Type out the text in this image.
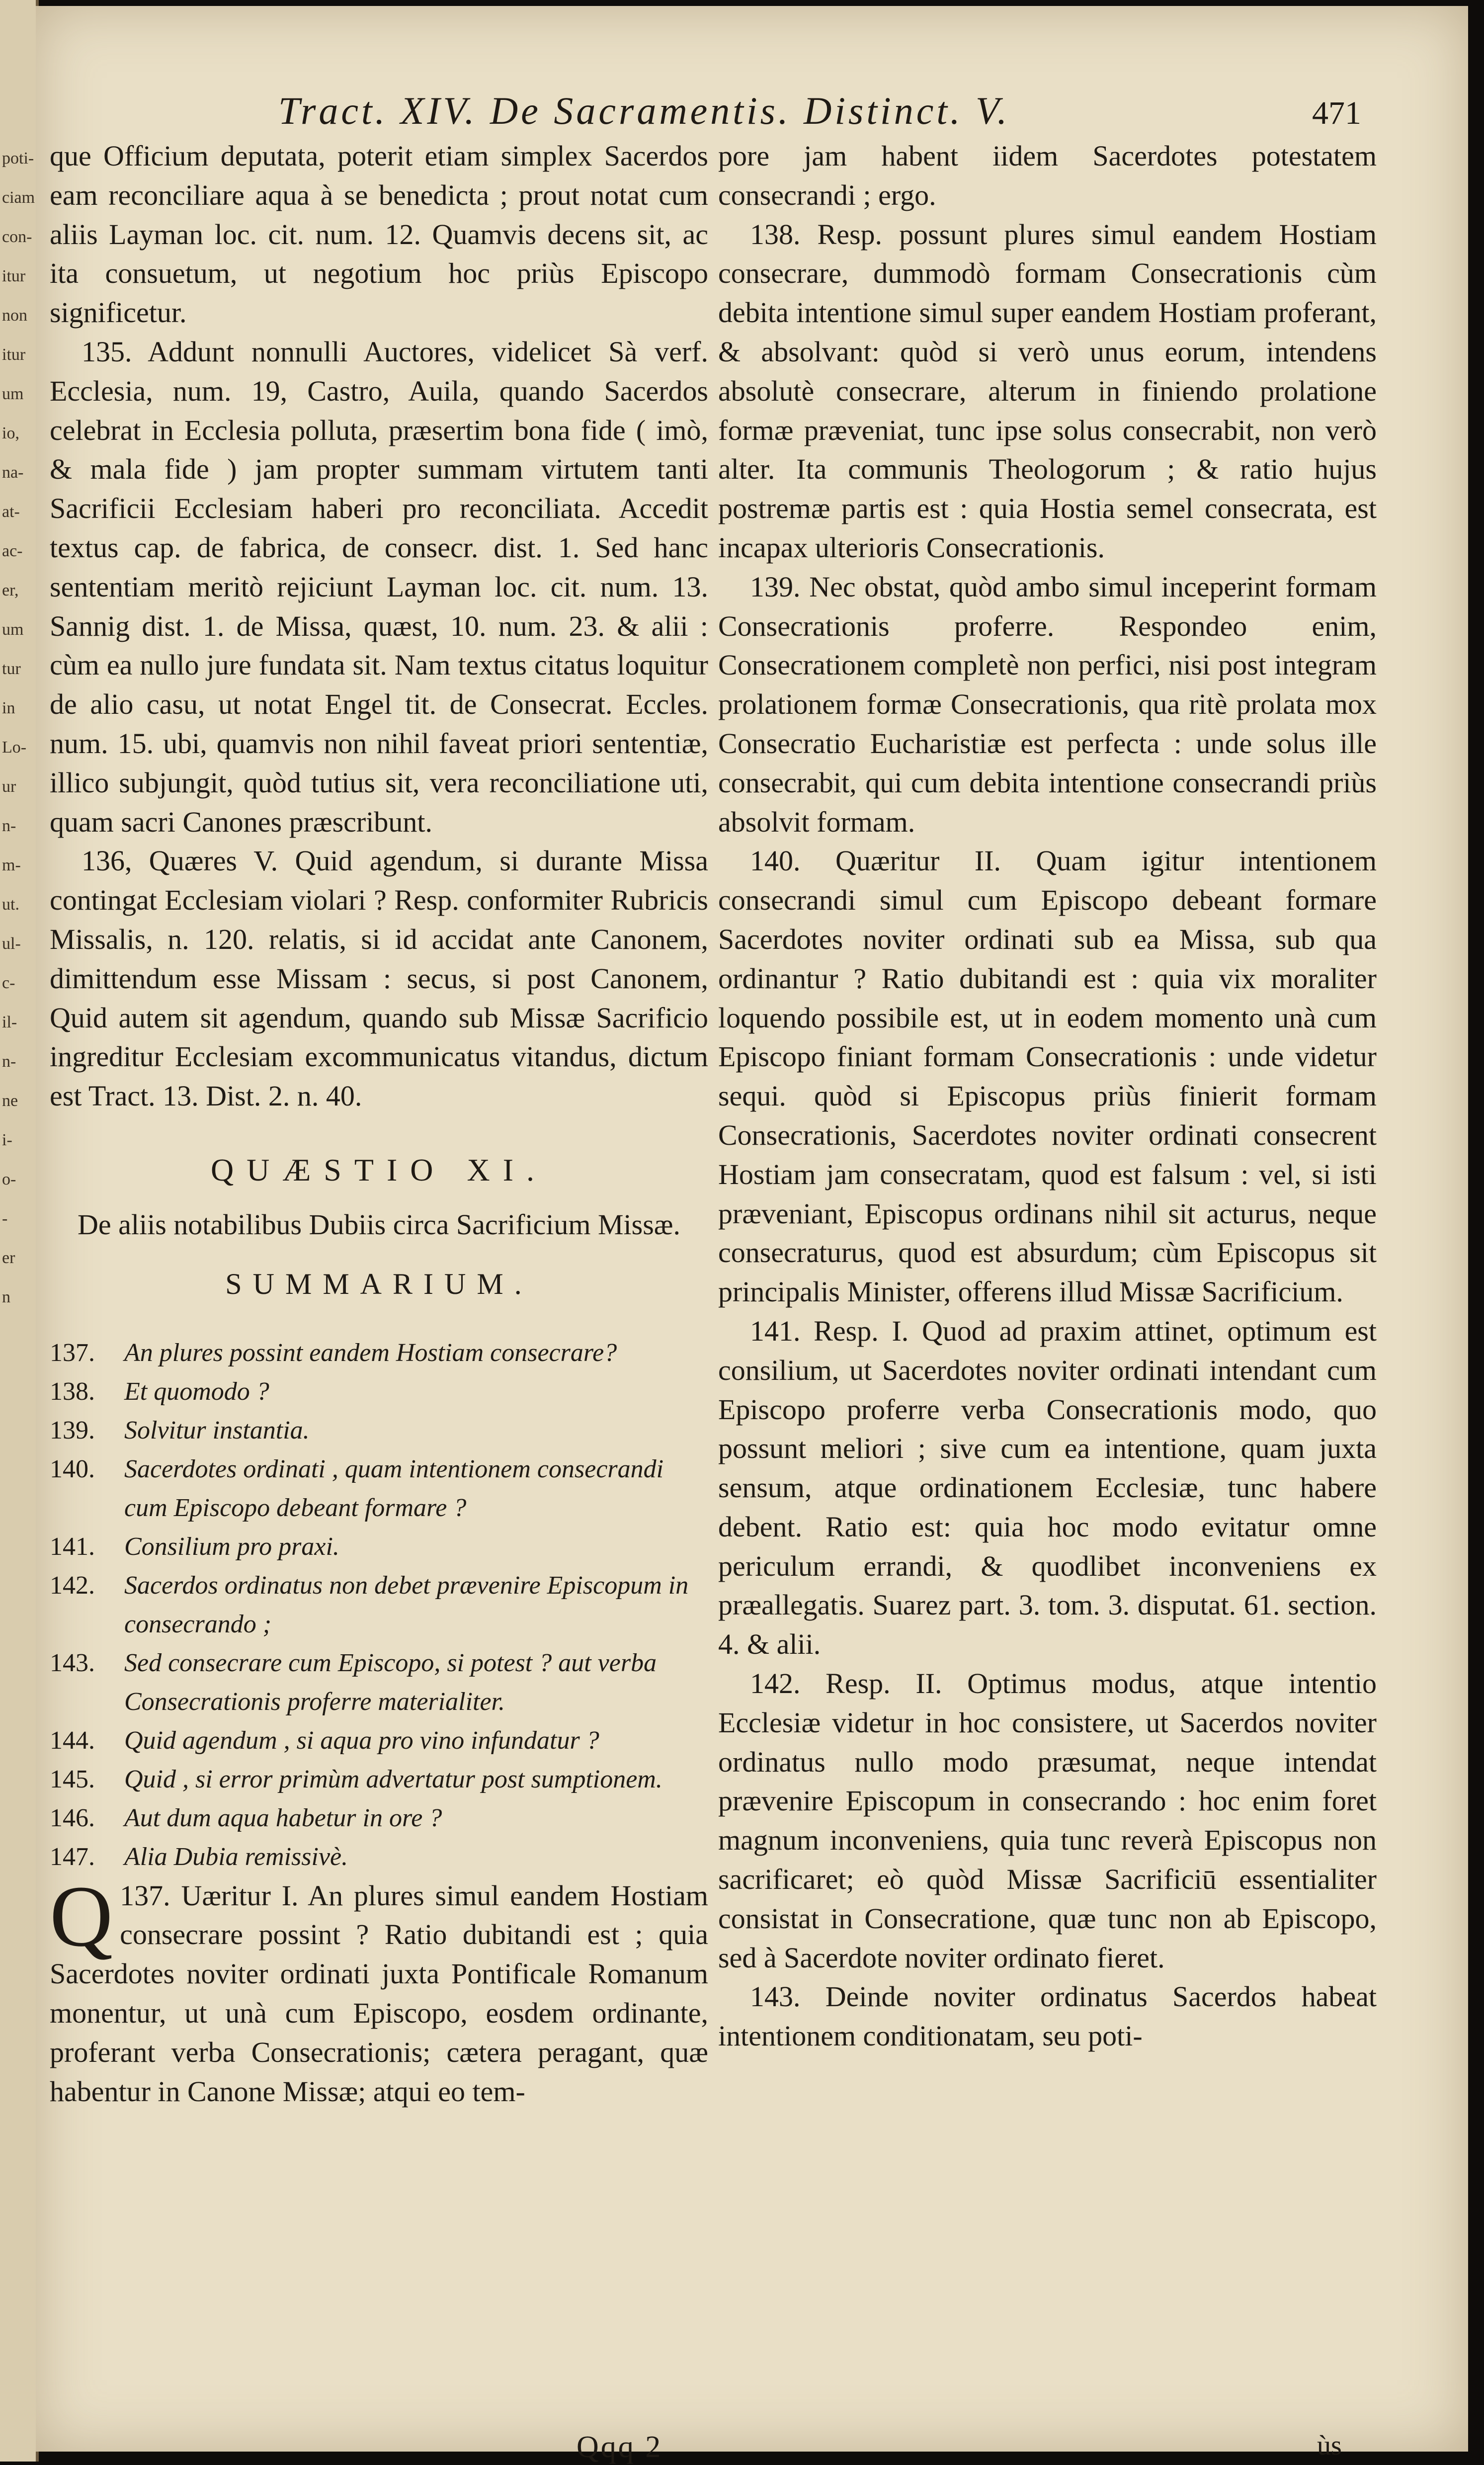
poti-
ciam
con-
itur
non
itur
um
io,
na-
at-
ac-
er,
um
tur
in
Lo-
ur
n-
m-
ut.
ul-
c-
il-
n-
ne
i-
o-
-
er
n
Tract. XIV. De Sacramentis. Distinct. V.	471

que Officium deputata, poterit etiam simplex Sacerdos eam reconciliare aqua à se benedicta ; prout notat cum aliis Layman loc. cit. num. 12. Quamvis decens sit, ac ita consuetum, ut negotium hoc priùs Episcopo significetur.

135. Addunt nonnulli Auctores, videlicet Sà verf. Ecclesia, num. 19, Castro, Auila, quando Sacerdos celebrat in Ecclesia polluta, præsertim bona fide ( imò, & mala fide ) jam propter summam virtutem tanti Sacrificii Ecclesiam haberi pro reconciliata. Accedit textus cap. de fabrica, de consecr. dist. 1. Sed hanc sententiam meritò rejiciunt Layman loc. cit. num. 13. Sannig dist. 1. de Missa, quæst, 10. num. 23. & alii : cùm ea nullo jure fundata sit. Nam textus citatus loquitur de alio casu, ut notat Engel tit. de Consecrat. Eccles. num. 15. ubi, quamvis non nihil faveat priori sententiæ, illico subjungit, quòd tutius sit, vera reconciliatione uti, quam sacri Canones præscribunt.

136, Quæres V. Quid agendum, si durante Missa contingat Ecclesiam violari ? Resp. conformiter Rubricis Missalis, n. 120. relatis, si id accidat ante Canonem, dimittendum esse Missam : secus, si post Canonem, Quid autem sit agendum, quando sub Missæ Sacrificio ingreditur Ecclesiam excommunicatus vitandus, dictum est Tract. 13. Dist. 2. n. 40.

QUÆSTIO XI.
De aliis notabilibus Dubiis circa Sacrificium Missæ.
SUMMARIUM.
137.	An plures possint eandem Hostiam consecrare?
138.	Et quomodo ?
139.	Solvitur instantia.
140.	Sacerdotes ordinati , quam intentionem consecrandi cum Episcopo debeant formare ?
141.	Consilium pro praxi.
142.	Sacerdos ordinatus non debet prævenire Episcopum in consecrando ;
143.	Sed consecrare cum Episcopo, si potest ? aut verba Consecrationis proferre materialiter.
144.	Quid agendum , si aqua pro vino infundatur ?
145.	Quid , si error primùm advertatur post sumptionem.
146.	Aut dum aqua habetur in ore ?
147.	Alia Dubia remissivè.

137.
Q Uæritur I. An plures simul eandem Hostiam consecrare possint ? Ratio dubitandi est ; quia Sacerdotes noviter ordinati juxta Pontificale Romanum monentur, ut unà cum Episcopo, eosdem ordinante, proferant verba Consecrationis; cætera peragant, quæ habentur in Canone Missæ; atqui eo tem-

pore jam habent iidem Sacerdotes potestatem consecrandi ; ergo.

138. Resp. possunt plures simul eandem Hostiam consecrare, dummodò formam Consecrationis cùm debita intentione simul super eandem Hostiam proferant, & absolvant: quòd si verò unus eorum, intendens absolutè consecrare, alterum in finiendo prolatione formæ præveniat, tunc ipse solus consecrabit, non verò alter. Ita communis Theologorum ; & ratio hujus postremæ partis est : quia Hostia semel consecrata, est incapax ulterioris Consecrationis.

139. Nec obstat, quòd ambo simul inceperint formam Consecrationis proferre. Respondeo enim, Consecrationem completè non perfici, nisi post integram prolationem formæ Consecrationis, qua ritè prolata mox Consecratio Eucharistiæ est perfecta : unde solus ille consecrabit, qui cum debita intentione consecrandi priùs absolvit formam.

140. Quæritur II. Quam igitur intentionem consecrandi simul cum Episcopo debeant formare Sacerdotes noviter ordinati sub ea Missa, sub qua ordinantur ? Ratio dubitandi est : quia vix moraliter loquendo possibile est, ut in eodem momento unà cum Episcopo finiant formam Consecrationis : unde videtur sequi. quòd si Episcopus priùs finierit formam Consecrationis, Sacerdotes noviter ordinati consecrent Hostiam jam consecratam, quod est falsum : vel, si isti præveniant, Episcopus ordinans nihil sit acturus, neque consecraturus, quod est absurdum; cùm Episcopus sit principalis Minister, offerens illud Missæ Sacrificium.

141. Resp. I. Quod ad praxim attinet, optimum est consilium, ut Sacerdotes noviter ordinati intendant cum Episcopo proferre verba Consecrationis modo, quo possunt meliori ; sive cum ea intentione, quam juxta sensum, atque ordinationem Ecclesiæ, tunc habere debent. Ratio est: quia hoc modo evitatur omne periculum errandi, & quodlibet inconveniens ex præallegatis. Suarez part. 3. tom. 3. disputat. 61. section. 4. & alii.

142. Resp. II. Optimus modus, atque intentio Ecclesiæ videtur in hoc consistere, ut Sacerdos noviter ordinatus nullo modo præsumat, neque intendat prævenire Episcopum in consecrando : hoc enim foret magnum inconveniens, quia tunc reverà Episcopus non sacrificaret; eò quòd Missæ Sacrificiū essentialiter consistat in Consecratione, quæ tunc non ab Episcopo, sed à Sacerdote noviter ordinato fieret.

143. Deinde noviter ordinatus Sacerdos habeat intentionem conditionatam, seu poti-

Qqq 2	ùs
